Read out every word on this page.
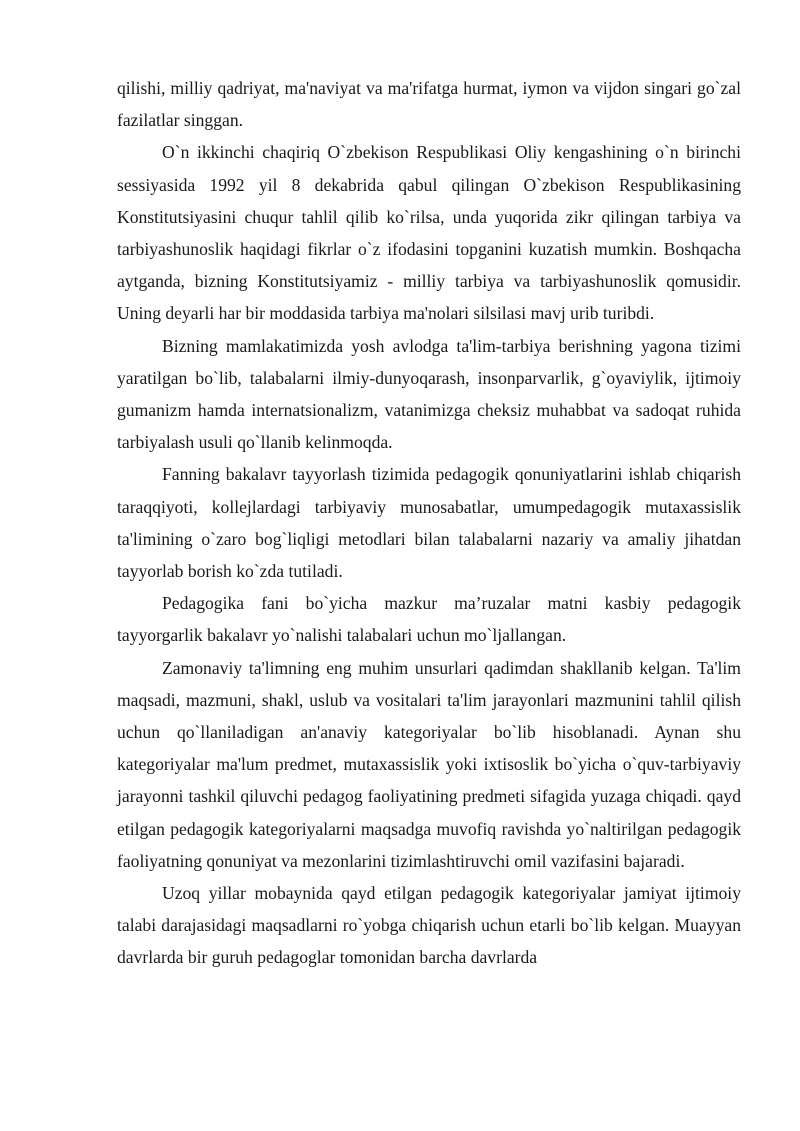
qilishi, milliy qadriyat, ma'naviyat va ma'rifatga hurmat, iymon va vijdon singari go`zal fazilatlar singgan.

O`n ikkinchi chaqiriq O`zbekison Respublikasi Oliy kengashining o`n birinchi sessiyasida 1992 yil 8 dekabrida qabul qilingan O`zbekison Respublikasining Konstitutsiyasini chuqur tahlil qilib ko`rilsa, unda yuqorida zikr qilingan tarbiya va tarbiyashunoslik haqidagi fikrlar o`z ifodasini topganini kuzatish mumkin. Boshqacha aytganda, bizning Konstitutsiyamiz - milliy tarbiya va tarbiyashunoslik qomusidir. Uning deyarli har bir moddasida tarbiya ma'nolari silsilasi mavj urib turibdi.

Bizning mamlakatimizda yosh avlodga ta'lim-tarbiya berishning yagona tizimi yaratilgan bo`lib, talabalarni ilmiy-dunyoqarash, insonparvarlik, g`oyaviylik, ijtimoiy gumanizm hamda internatsionalizm, vatanimizga cheksiz muhabbat va sadoqat ruhida tarbiyalash usuli qo`llanib kelinmoqda.

Fanning bakalavr tayyorlash tizimida pedagogik qonuniyatlarini ishlab chiqarish taraqqiyoti, kollejlardagi tarbiyaviy munosabatlar, umumpedagogik mutaxassislik ta'limining o`zaro bog`liqligi metodlari bilan talabalarni nazariy va amaliy jihatdan tayyorlab borish ko`zda tutiladi.

Pedagogika fani bo`yicha mazkur ma’ruzalar matni kasbiy pedagogik tayyorgarlik bakalavr yo`nalishi talabalari uchun mo`ljallangan.

Zamonaviy ta'limning eng muhim unsurlari qadimdan shakllanib kelgan. Ta'lim maqsadi, mazmuni, shakl, uslub va vositalari ta'lim jarayonlari mazmunini tahlil qilish uchun qo`llaniladigan an'anaviy kategoriyalar bo`lib hisoblanadi. Aynan shu kategoriyalar ma'lum predmet, mutaxassislik yoki ixtisoslik bo`yicha o`quv-tarbiyaviy jarayonni tashkil qiluvchi pedagog faoliyatining predmeti sifagida yuzaga chiqadi. qayd etilgan pedagogik kategoriyalarni maqsadga muvofiq ravishda yo`naltirilgan pedagogik faoliyatning qonuniyat va mezonlarini tizimlashtiruvchi omil vazifasini bajaradi.

Uzoq yillar mobaynida qayd etilgan pedagogik kategoriyalar jamiyat ijtimoiy talabi darajasidagi maqsadlarni ro`yobga chiqarish uchun etarli bo`lib kelgan. Muayyan davrlarda bir guruh pedagoglar tomonidan barcha davrlarda
